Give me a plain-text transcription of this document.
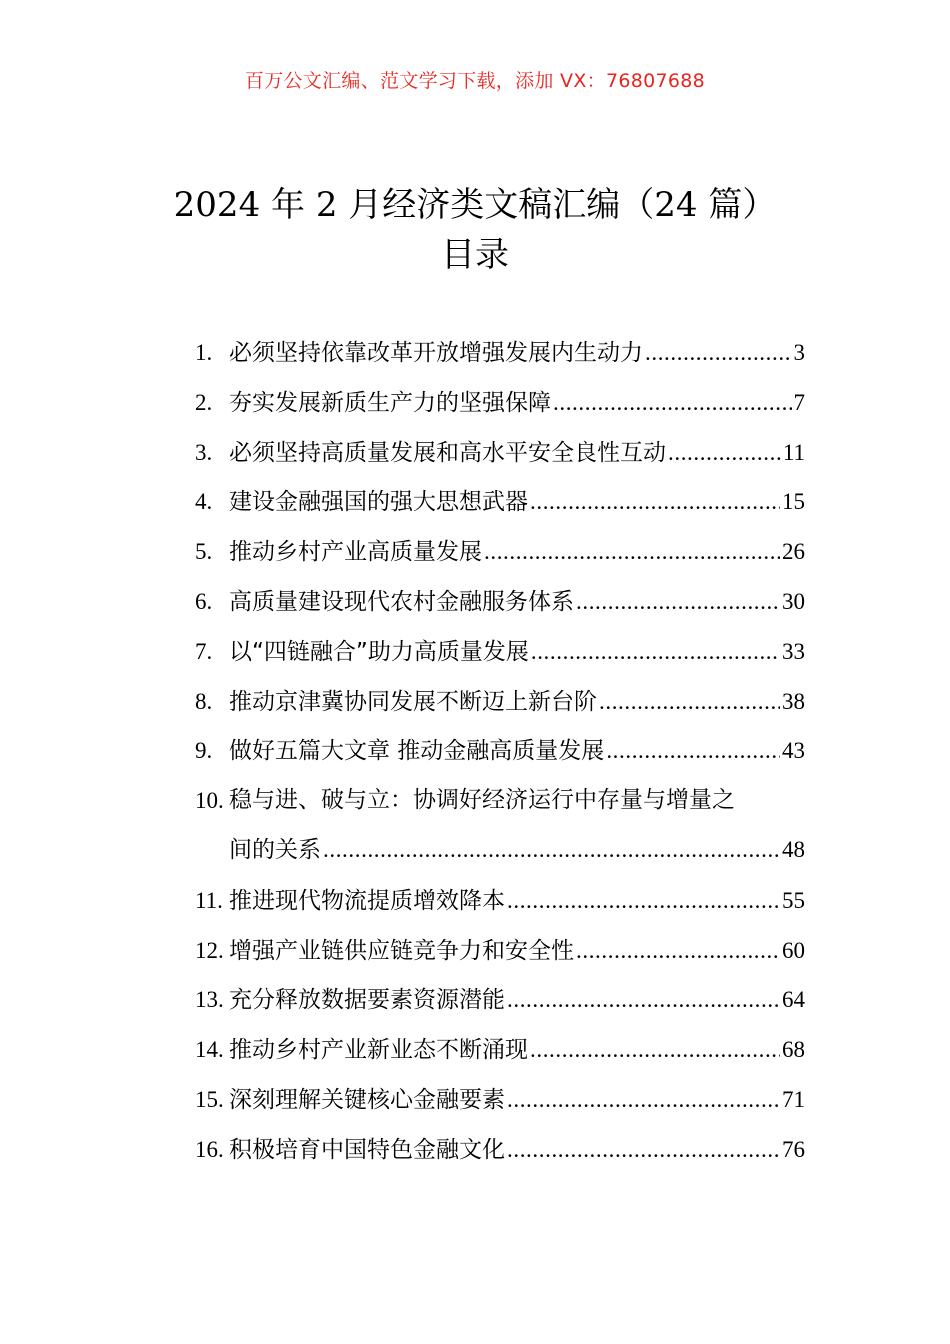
百万公文汇编、范文学习下载，添加 VX：76807688
2024 年 2 月经济类文稿汇编（24 篇）
目录
1. 必须坚持依靠改革开放增强发展内生动力 .....	3
2. 夯实发展新质生产力的坚强保障 .....	7
3. 必须坚持高质量发展和高水平安全良性互动 .....	11
4. 建设金融强国的强大思想武器 .....	15
5. 推动乡村产业高质量发展 .....	26
6. 高质量建设现代农村金融服务体系 .....	30
7. 以“四链融合”助力高质量发展 .....	33
8. 推动京津冀协同发展不断迈上新台阶 .....	38
9. 做好五篇大文章 推动金融高质量发展 .....	43
10. 稳与进、破与立：协调好经济运行中存量与增量之
间的关系 .....	48
11. 推进现代物流提质增效降本 .....	55
12. 增强产业链供应链竞争力和安全性 .....	60
13. 充分释放数据要素资源潜能 .....	64
14. 推动乡村产业新业态不断涌现 .....	68
15. 深刻理解关键核心金融要素 .....	71
16. 积极培育中国特色金融文化 .....	76
